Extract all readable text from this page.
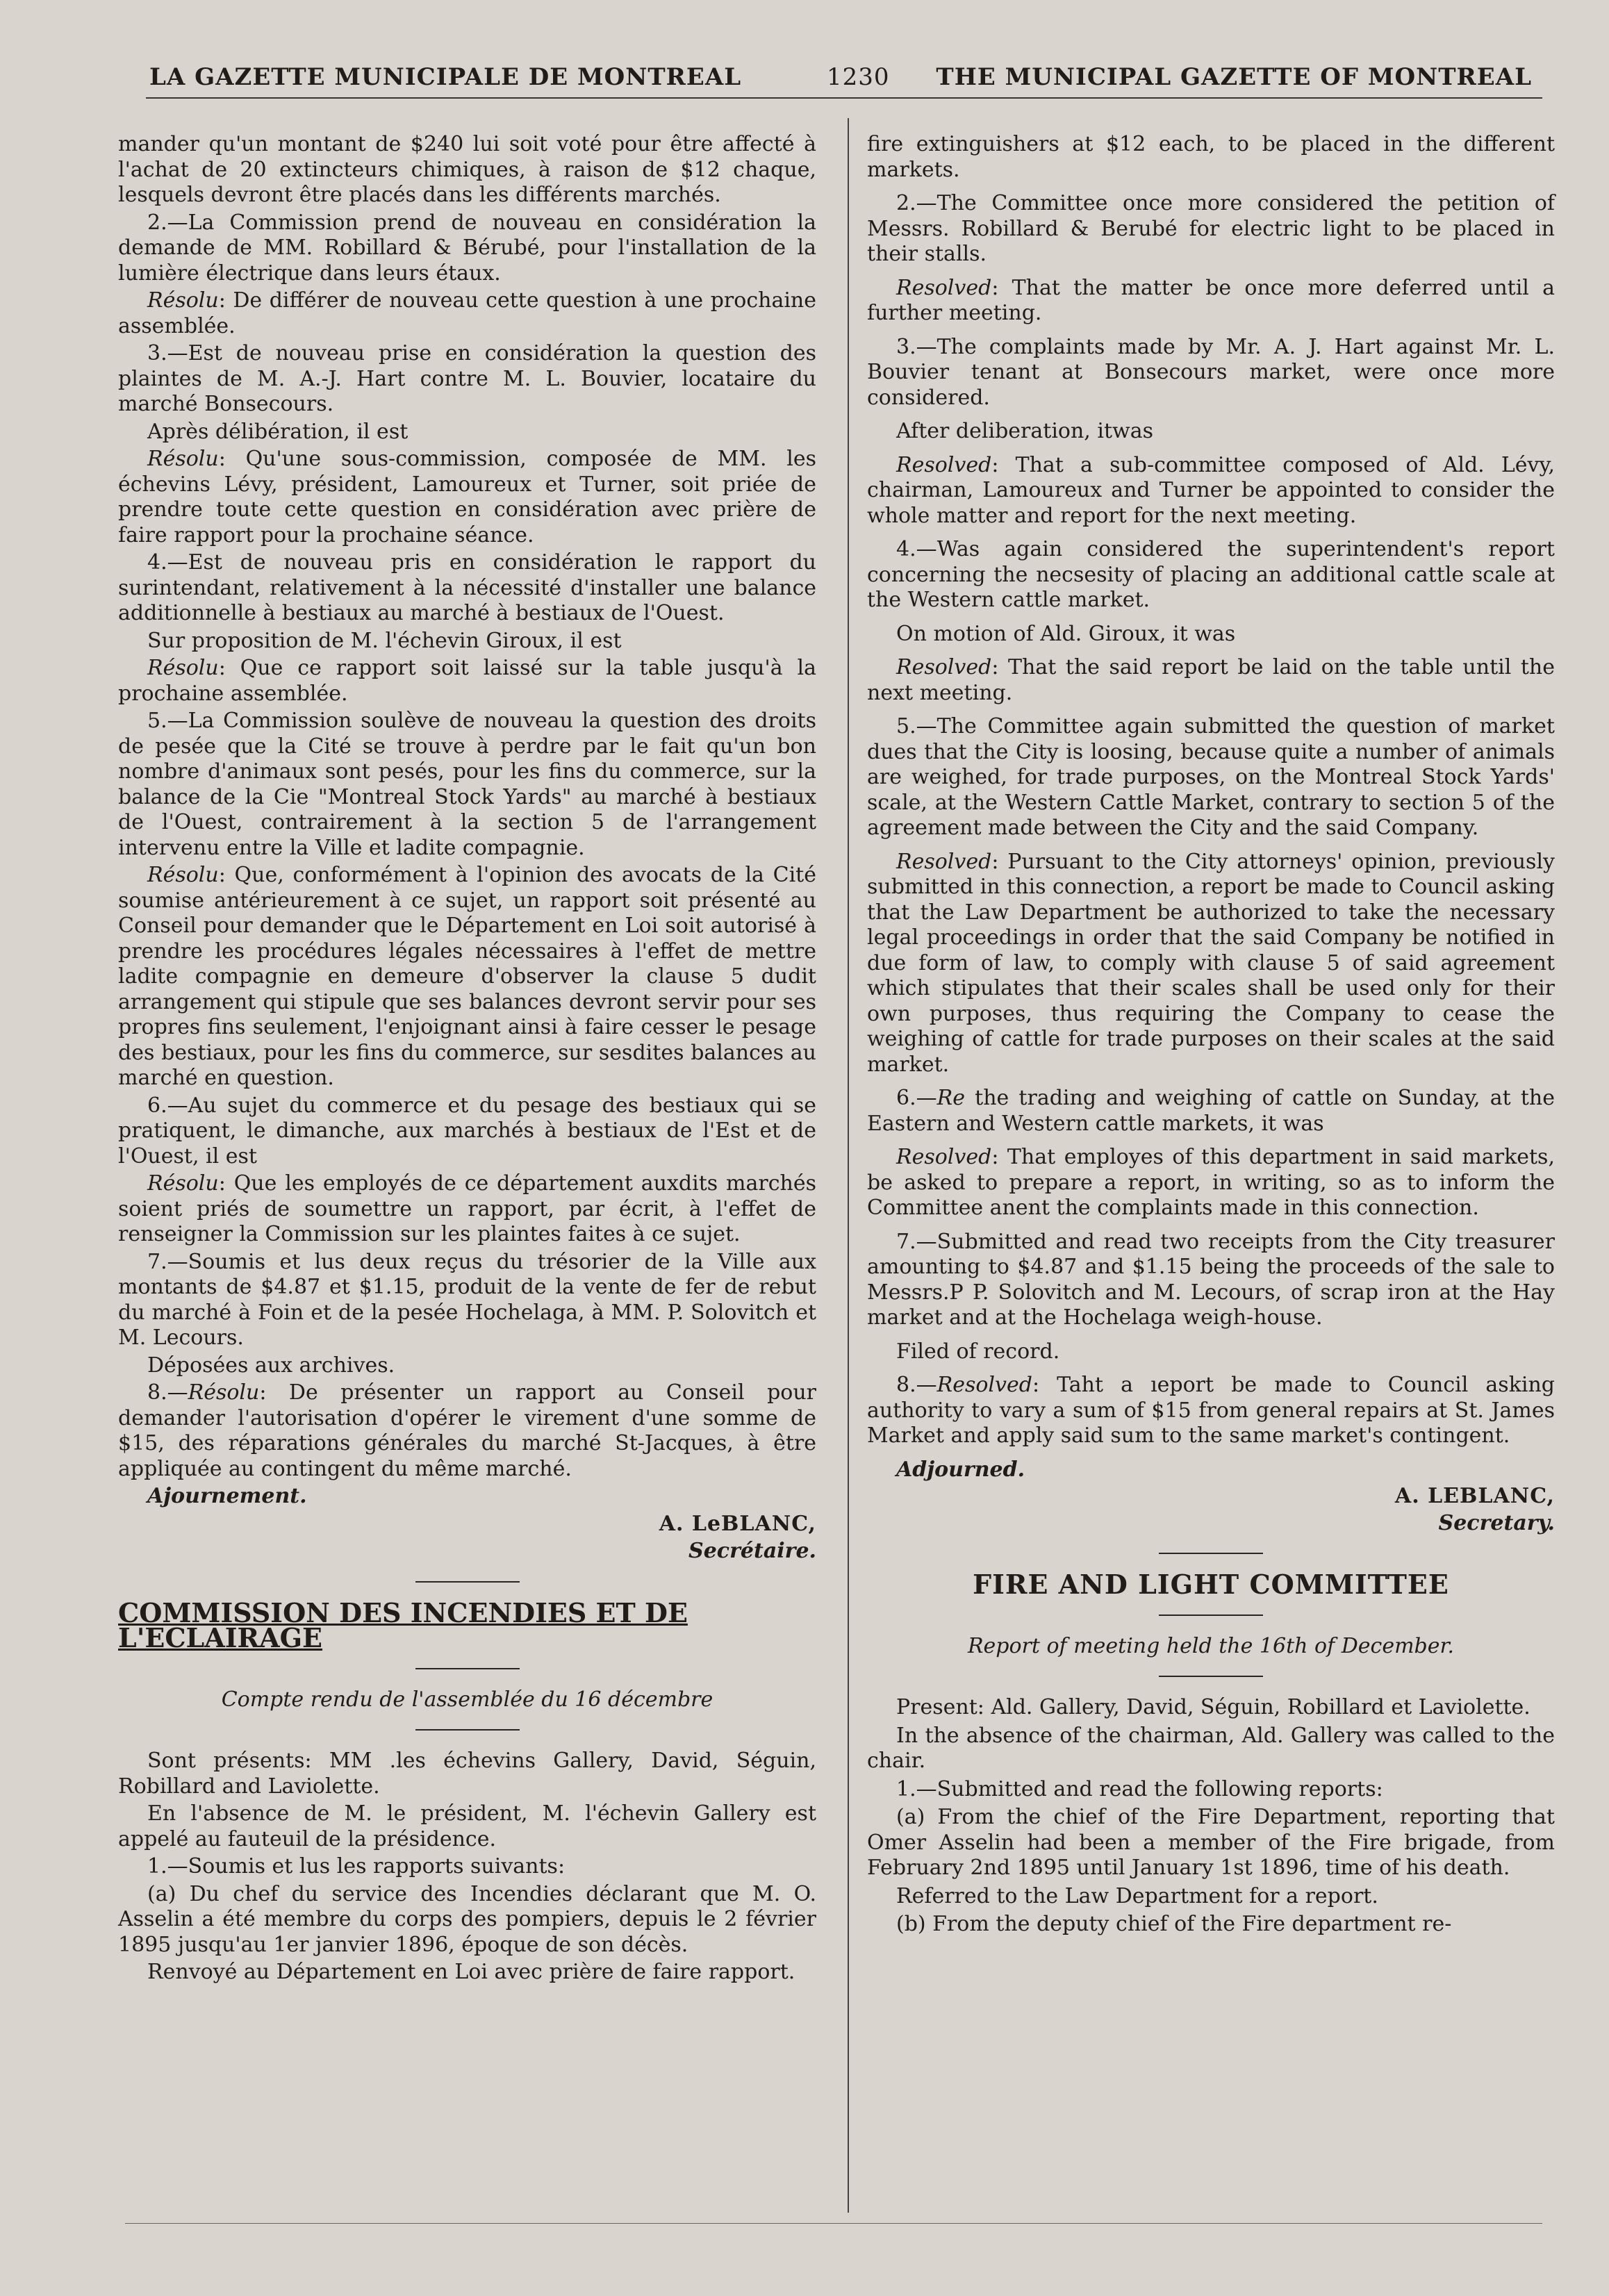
LA GAZETTE MUNICIPALE DE MONTREAL	1230 THE MUNICIPAL GAZETTE OF MONTREAL

mander qu'un montant de $240 lui soit voté pour être affecté à l'achat de 20 extincteurs chimiques, à raison de $12 chaque, lesquels devront être placés dans les différents marchés.

2.—La Commission prend de nouveau en considération la demande de MM. Robillard & Bérubé, pour l'installation de la lumière électrique dans leurs étaux.

Résolu: De différer de nouveau cette question à une prochaine assemblée.

3.—Est de nouveau prise en considération la question des plaintes de M. A.-J. Hart contre M. L. Bouvier, locataire du marché Bonsecours.

Après délibération, il est

Résolu: Qu'une sous-commission, composée de MM. les échevins Lévy, président, Lamoureux et Turner, soit priée de prendre toute cette question en considération avec prière de faire rapport pour la prochaine séance.

4.—Est de nouveau pris en considération le rapport du surintendant, relativement à la nécessité d'installer une balance additionnelle à bestiaux au marché à bestiaux de l'Ouest.

Sur proposition de M. l'échevin Giroux, il est

Résolu: Que ce rapport soit laissé sur la table jusqu'à la prochaine assemblée.

5.—La Commission soulève de nouveau la question des droits de pesée que la Cité se trouve à perdre par le fait qu'un bon nombre d'animaux sont pesés, pour les fins du commerce, sur la balance de la Cie "Montreal Stock Yards" au marché à bestiaux de l'Ouest, contrairement à la section 5 de l'arrangement intervenu entre la Ville et ladite compagnie.

Résolu: Que, conformément à l'opinion des avocats de la Cité soumise antérieurement à ce sujet, un rapport soit présenté au Conseil pour demander que le Département en Loi soit autorisé à prendre les procédures légales nécessaires à l'effet de mettre ladite compagnie en demeure d'observer la clause 5 dudit arrangement qui stipule que ses balances devront servir pour ses propres fins seulement, l'enjoignant ainsi à faire cesser le pesage des bestiaux, pour les fins du commerce, sur sesdites balances au marché en question.

6.—Au sujet du commerce et du pesage des bestiaux qui se pratiquent, le dimanche, aux marchés à bestiaux de l'Est et de l'Ouest, il est

Résolu: Que les employés de ce département auxdits marchés soient priés de soumettre un rapport, par écrit, à l'effet de renseigner la Commission sur les plaintes faites à ce sujet.

7.—Soumis et lus deux reçus du trésorier de la Ville aux montants de $4.87 et $1.15, produit de la vente de fer de rebut du marché à Foin et de la pesée Hochelaga, à MM. P. Solovitch et M. Lecours.

Déposées aux archives.

8.—Résolu: De présenter un rapport au Conseil pour demander l'autorisation d'opérer le virement d'une somme de $15, des réparations générales du marché St-Jacques, à être appliquée au contingent du même marché.

Ajournement.

A. LeBLANC,

Secrétaire.

COMMISSION DES INCENDIES ET DE L'ECLAIRAGE

Compte rendu de l'assemblée du 16 décembre

Sont présents: MM .les échevins Gallery, David, Séguin, Robillard and Laviolette.

En l'absence de M. le président, M. l'échevin Gallery est appelé au fauteuil de la présidence.

1.—Soumis et lus les rapports suivants:

(a) Du chef du service des Incendies déclarant que M. O. Asselin a été membre du corps des pompiers, depuis le 2 février 1895 jusqu'au 1er janvier 1896, époque de son décès.

Renvoyé au Département en Loi avec prière de faire rapport.

fire extinguishers at $12 each, to be placed in the different markets.

2.—The Committee once more considered the petition of Messrs. Robillard & Berubé for electric light to be placed in their stalls.

Resolved: That the matter be once more deferred until a further meeting.

3.—The complaints made by Mr. A. J. Hart against Mr. L. Bouvier tenant at Bonsecours market, were once more considered.

After deliberation, itwas

Resolved: That a sub-committee composed of Ald. Lévy, chairman, Lamoureux and Turner be appointed to consider the whole matter and report for the next meeting.

4.—Was again considered the superintendent's report concerning the necsesity of placing an additional cattle scale at the Western cattle market.

On motion of Ald. Giroux, it was

Resolved: That the said report be laid on the table until the next meeting.

5.—The Committee again submitted the question of market dues that the City is loosing, because quite a number of animals are weighed, for trade purposes, on the Montreal Stock Yards' scale, at the Western Cattle Market, contrary to section 5 of the agreement made between the City and the said Company.

Resolved: Pursuant to the City attorneys' opinion, previously submitted in this connection, a report be made to Council asking that the Law Department be authorized to take the necessary legal proceedings in order that the said Company be notified in due form of law, to comply with clause 5 of said agreement which stipulates that their scales shall be used only for their own purposes, thus requiring the Company to cease the weighing of cattle for trade purposes on their scales at the said market.

6.—Re the trading and weighing of cattle on Sunday, at the Eastern and Western cattle markets, it was

Resolved: That employes of this department in said markets, be asked to prepare a report, in writing, so as to inform the Committee anent the complaints made in this connection.

7.—Submitted and read two receipts from the City treasurer amounting to $4.87 and $1.15 being the proceeds of the sale to Messrs.P P. Solovitch and M. Lecours, of scrap iron at the Hay market and at the Hochelaga weigh-house.

Filed of record.

8.—Resolved: Taht a ıeport be made to Council asking authority to vary a sum of $15 from general repairs at St. James Market and apply said sum to the same market's contingent.

Adjourned.

A. LEBLANC,

Secretary.

FIRE AND LIGHT COMMITTEE

Report of meeting held the 16th of December.

Present: Ald. Gallery, David, Séguin, Robillard et Laviolette.

In the absence of the chairman, Ald. Gallery was called to the chair.

1.—Submitted and read the following reports:

(a) From the chief of the Fire Department, reporting that Omer Asselin had been a member of the Fire brigade, from February 2nd 1895 until January 1st 1896, time of his death.

Referred to the Law Department for a report.

(b) From the deputy chief of the Fire department re-
